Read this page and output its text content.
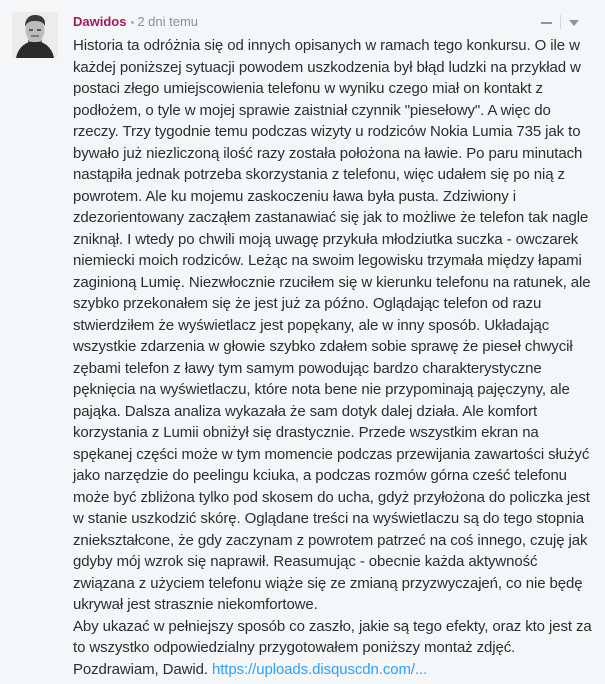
Dawidos • 2 dni temu

Historia ta odróżnia się od innych opisanych w ramach tego konkursu. O ile w każdej poniższej sytuacji powodem uszkodzenia był błąd ludzki na przykład w postaci złego umiejscowienia telefonu w wyniku czego miał on kontakt z podłożem, o tyle w mojej sprawie zaistniał czynnik "piesełowy". A więc do rzeczy. Trzy tygodnie temu podczas wizyty u rodziców Nokia Lumia 735 jak to bywało już niezliczoną ilość razy została położona na ławie. Po paru minutach nastąpiła jednak potrzeba skorzystania z telefonu, więc udałem się po nią z powrotem. Ale ku mojemu zaskoczeniu ława była pusta. Zdziwiony i zdezorientowany zacząłem zastanawiać się jak to możliwe że telefon tak nagle zniknął. I wtedy po chwili moją uwagę przykuła młodziutka suczka - owczarek niemiecki moich rodziców. Leżąc na swoim legowisku trzymała między łapami zaginioną Lumię. Niezwłocznie rzuciłem się w kierunku telefonu na ratunek, ale szybko przekonałem się że jest już za późno. Oglądając telefon od razu stwierdziłem że wyświetlacz jest popękany, ale w inny sposób. Układając wszystkie zdarzenia w głowie szybko zdałem sobie sprawę że pieseł chwycił zębami telefon z ławy tym samym powodując bardzo charakterystyczne pęknięcia na wyświetlaczu, które nota bene nie przypominają pajęczyny, ale pająka. Dalsza analiza wykazała że sam dotyk dalej działa. Ale komfort korzystania z Lumii obniżył się drastycznie. Przede wszystkim ekran na spękanej części może w tym momencie podczas przewijania zawartości służyć jako narzędzie do peelingu kciuka, a podczas rozmów górna cześć telefonu może być zbliżona tylko pod skosem do ucha, gdyż przyłożona do policzka jest w stanie uszkodzić skórę. Oglądane treści na wyświetlaczu są do tego stopnia zniekształcone, że gdy zaczynam z powrotem patrzeć na coś innego, czuję jak gdyby mój wzrok się naprawił. Reasumując - obecnie każda aktywność związana z użyciem telefonu wiąże się ze zmianą przyzwyczajeń, co nie będę ukrywał jest strasznie niekomfortowe.

Aby ukazać w pełniejszy sposób co zaszło, jakie są tego efekty, oraz kto jest za to wszystko odpowiedzialny przygotowałem poniższy montaż zdjęć.

Pozdrawiam, Dawid. https://uploads.disquscdn.com/...
